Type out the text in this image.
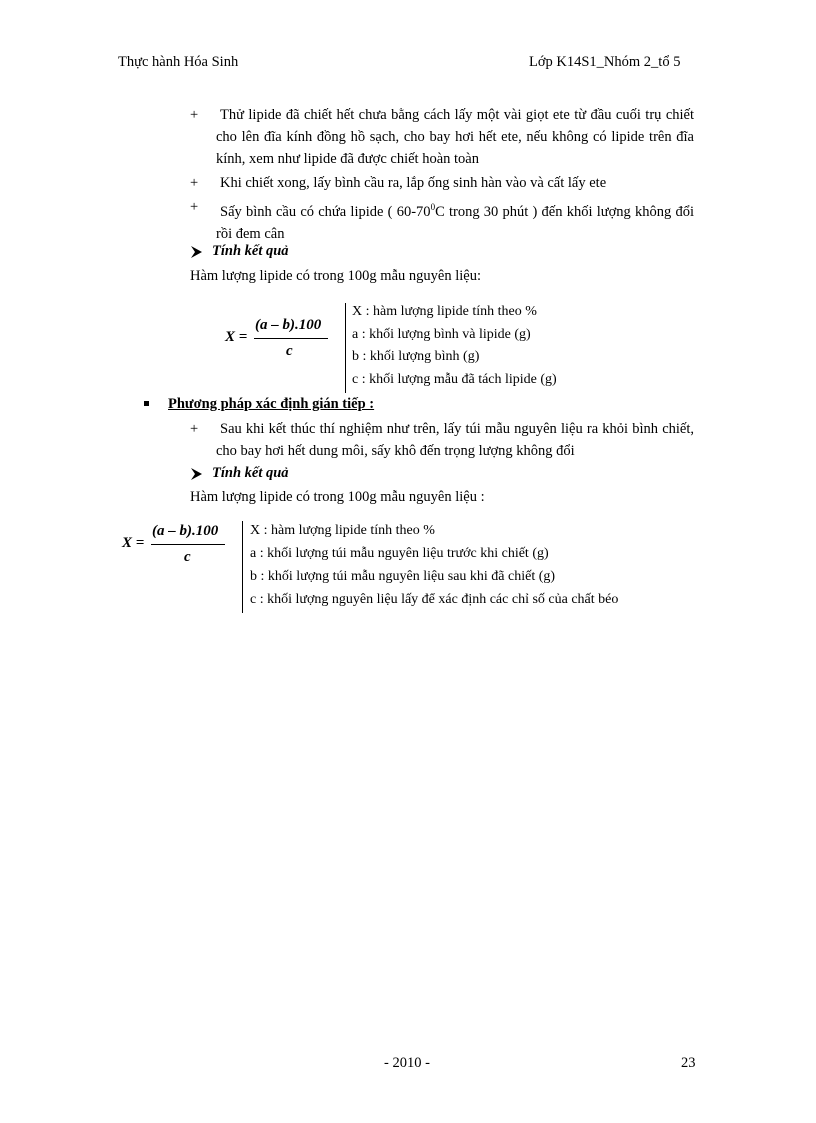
Thực hành Hóa Sinh	Lớp K14S1_Nhóm 2_tổ 5
+ Thử lipide đã chiết hết chưa bằng cách lấy một vài giọt ete từ đầu cuối trụ chiết cho lên đĩa kính đồng hồ sạch, cho bay hơi hết ete, nếu không có lipide trên đĩa kính, xem như lipide đã được chiết hoàn toàn
+ Khi chiết xong, lấy bình cầu ra, lắp ống sinh hàn vào và cất lấy ete
+ Sấy bình cầu có chứa lipide ( $60-70^0C$ trong 30 phút ) đến khối lượng không đổi rồi đem cân
Tính kết quả
Hàm lượng lipide có trong 100g mẫu nguyên liệu:
X =
(a – b).100
c
X : hàm lượng lipide tính theo %
a : khối lượng bình và lipide (g)
b : khối lượng bình (g)
c : khối lượng mẫu đã tách lipide (g)
Phương pháp xác định gián tiếp :
+ Sau khi kết thúc thí nghiệm như trên, lấy túi mẫu nguyên liệu ra khỏi bình chiết, cho bay hơi hết dung môi, sấy khô đến trọng lượng không đổi
Tính kết quả
Hàm lượng lipide có trong 100g mẫu nguyên liệu :
X =
(a – b).100
c
X : hàm lượng lipide tính theo %
a : khối lượng túi mẫu nguyên liệu trước khi chiết (g)
b : khối lượng túi mẫu nguyên liệu sau khi đã chiết (g)
c : khối lượng nguyên liệu lấy để xác định các chỉ số của chất béo
- 2010 -	23
